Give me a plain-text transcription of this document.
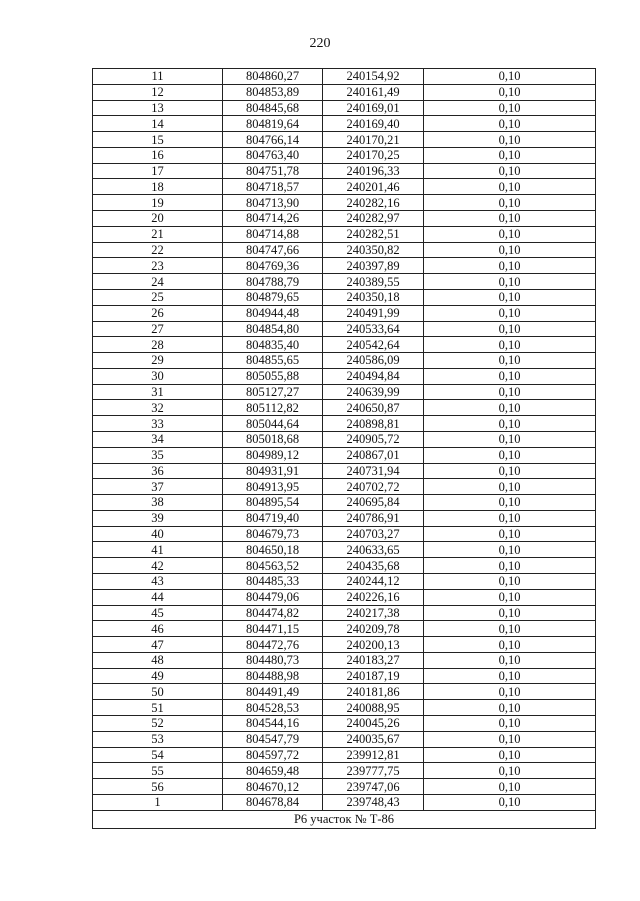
220
11	804860,27	240154,92	0,10
12	804853,89	240161,49	0,10
13	804845,68	240169,01	0,10
14	804819,64	240169,40	0,10
15	804766,14	240170,21	0,10
16	804763,40	240170,25	0,10
17	804751,78	240196,33	0,10
18	804718,57	240201,46	0,10
19	804713,90	240282,16	0,10
20	804714,26	240282,97	0,10
21	804714,88	240282,51	0,10
22	804747,66	240350,82	0,10
23	804769,36	240397,89	0,10
24	804788,79	240389,55	0,10
25	804879,65	240350,18	0,10
26	804944,48	240491,99	0,10
27	804854,80	240533,64	0,10
28	804835,40	240542,64	0,10
29	804855,65	240586,09	0,10
30	805055,88	240494,84	0,10
31	805127,27	240639,99	0,10
32	805112,82	240650,87	0,10
33	805044,64	240898,81	0,10
34	805018,68	240905,72	0,10
35	804989,12	240867,01	0,10
36	804931,91	240731,94	0,10
37	804913,95	240702,72	0,10
38	804895,54	240695,84	0,10
39	804719,40	240786,91	0,10
40	804679,73	240703,27	0,10
41	804650,18	240633,65	0,10
42	804563,52	240435,68	0,10
43	804485,33	240244,12	0,10
44	804479,06	240226,16	0,10
45	804474,82	240217,38	0,10
46	804471,15	240209,78	0,10
47	804472,76	240200,13	0,10
48	804480,73	240183,27	0,10
49	804488,98	240187,19	0,10
50	804491,49	240181,86	0,10
51	804528,53	240088,95	0,10
52	804544,16	240045,26	0,10
53	804547,79	240035,67	0,10
54	804597,72	239912,81	0,10
55	804659,48	239777,75	0,10
56	804670,12	239747,06	0,10
1	804678,84	239748,43	0,10
Р6 участок № Т-86			
